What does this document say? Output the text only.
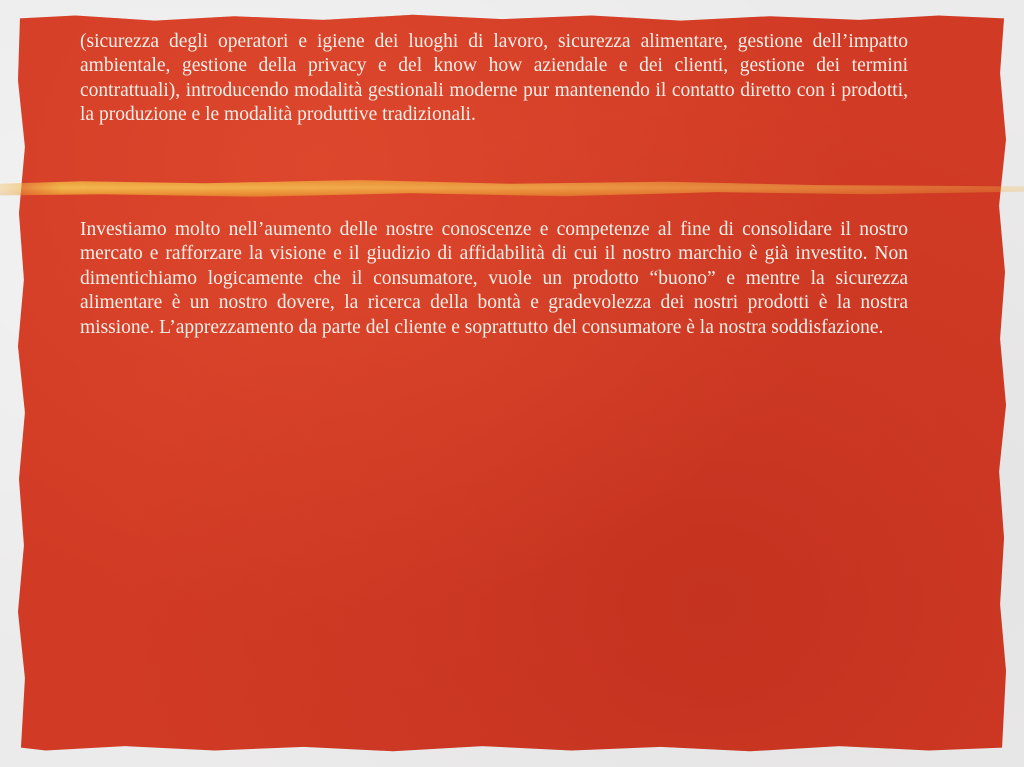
(sicurezza degli operatori e igiene dei luoghi di lavoro, sicurezza alimentare, gestione dell’impatto ambientale, gestione della privacy e del know how aziendale e dei clienti, gestione dei termini contrattuali), introducendo modalità gestionali moderne pur mantenendo il contatto diretto con i prodotti, la produzione e le modalità produttive tradizionali.

Investiamo molto nell’aumento delle nostre conoscenze e competenze al fine di consolidare il nostro mercato e rafforzare la visione e il giudizio di affidabilità di cui il nostro marchio è già investito. Non dimentichiamo logicamente che il consumatore, vuole un prodotto “buono” e mentre la sicurezza alimentare è un nostro dovere, la ricerca della bontà e gradevolezza dei nostri prodotti è la nostra missione. L’apprezzamento da parte del cliente e soprattutto del consumatore è la nostra soddisfazione.
